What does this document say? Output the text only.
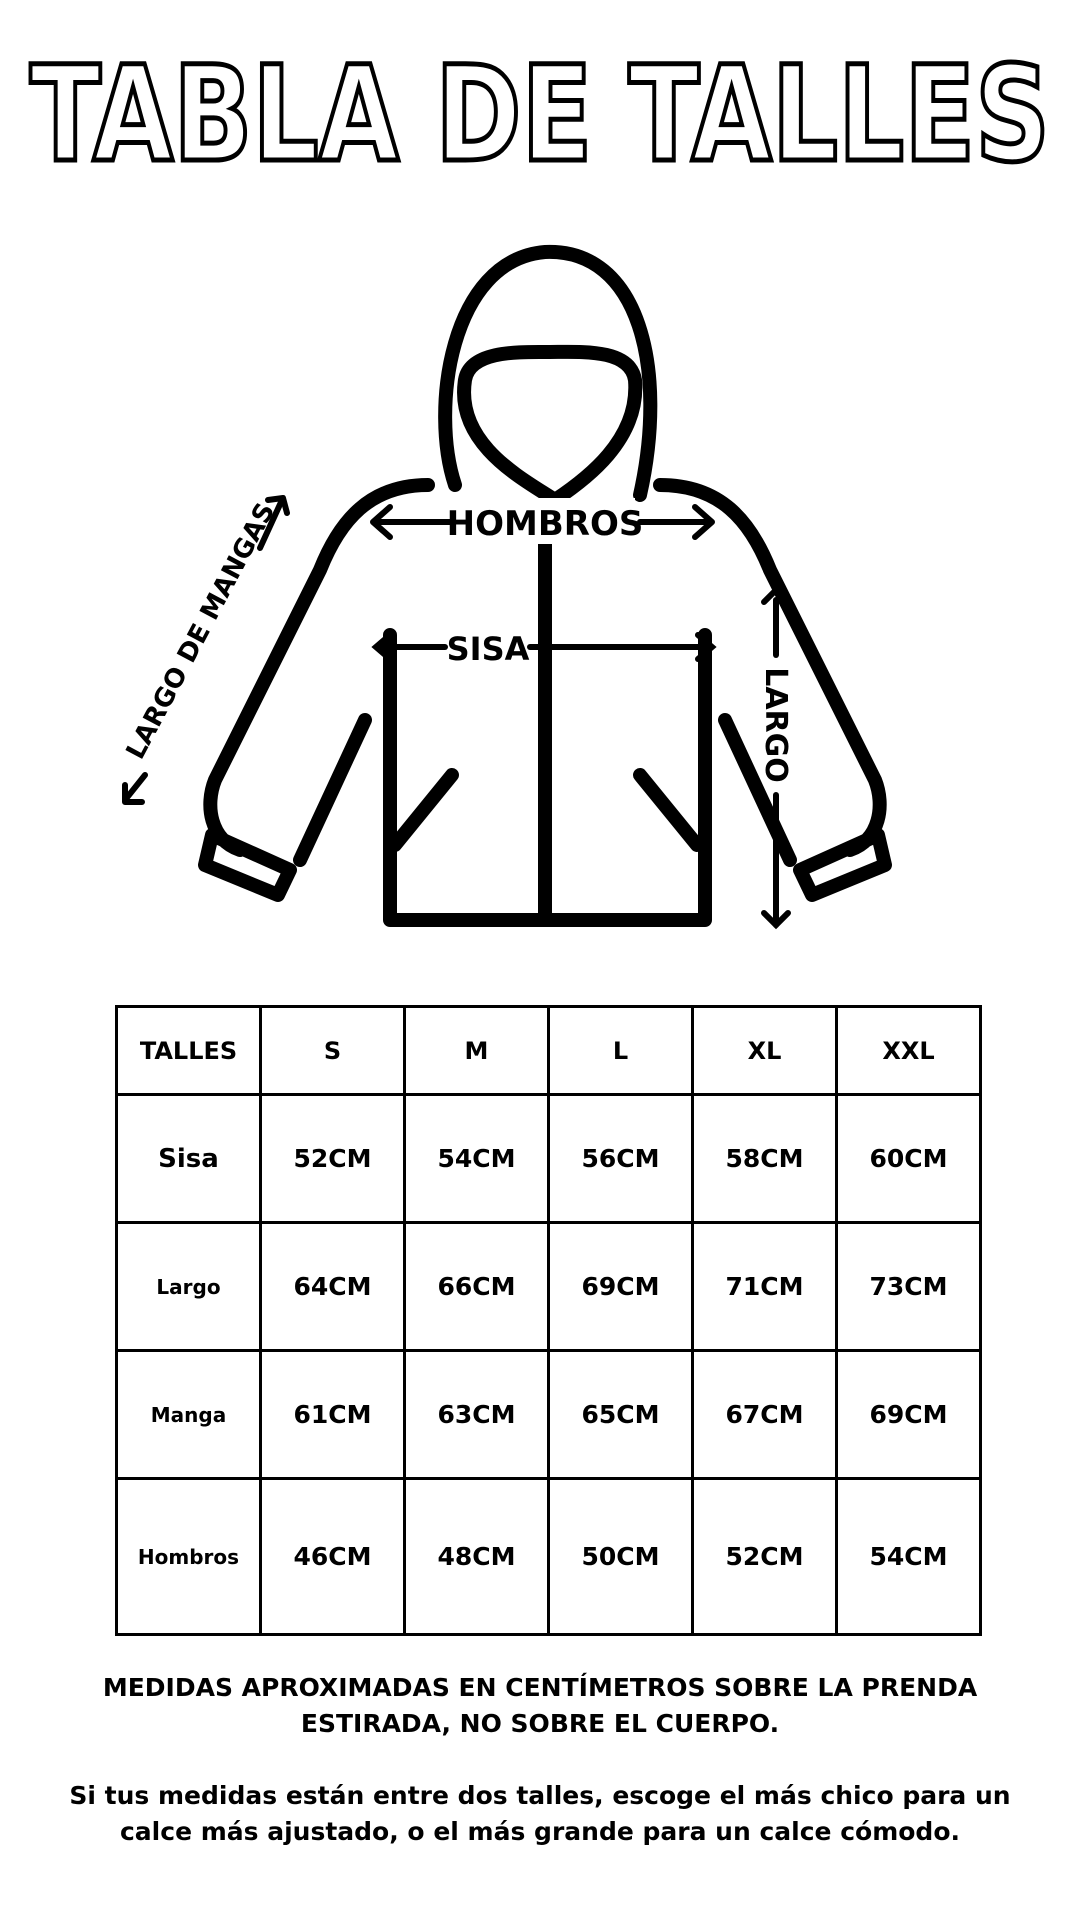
TABLA DE TALLES
HOMBROS
SISA
LARGO
LARGO DE MANGAS
TALLES	S	M	L	XL	XXL
Sisa	52CM	54CM	56CM	58CM	60CM
Largo	64CM	66CM	69CM	71CM	73CM
Manga	61CM	63CM	65CM	67CM	69CM
Hombros	46CM	48CM	50CM	52CM	54CM
MEDIDAS APROXIMADAS EN CENTÍMETROS SOBRE LA PRENDA
ESTIRADA, NO SOBRE EL CUERPO.
Si tus medidas están entre dos talles, escoge el más chico para un
calce más ajustado, o el más grande para un calce cómodo.
